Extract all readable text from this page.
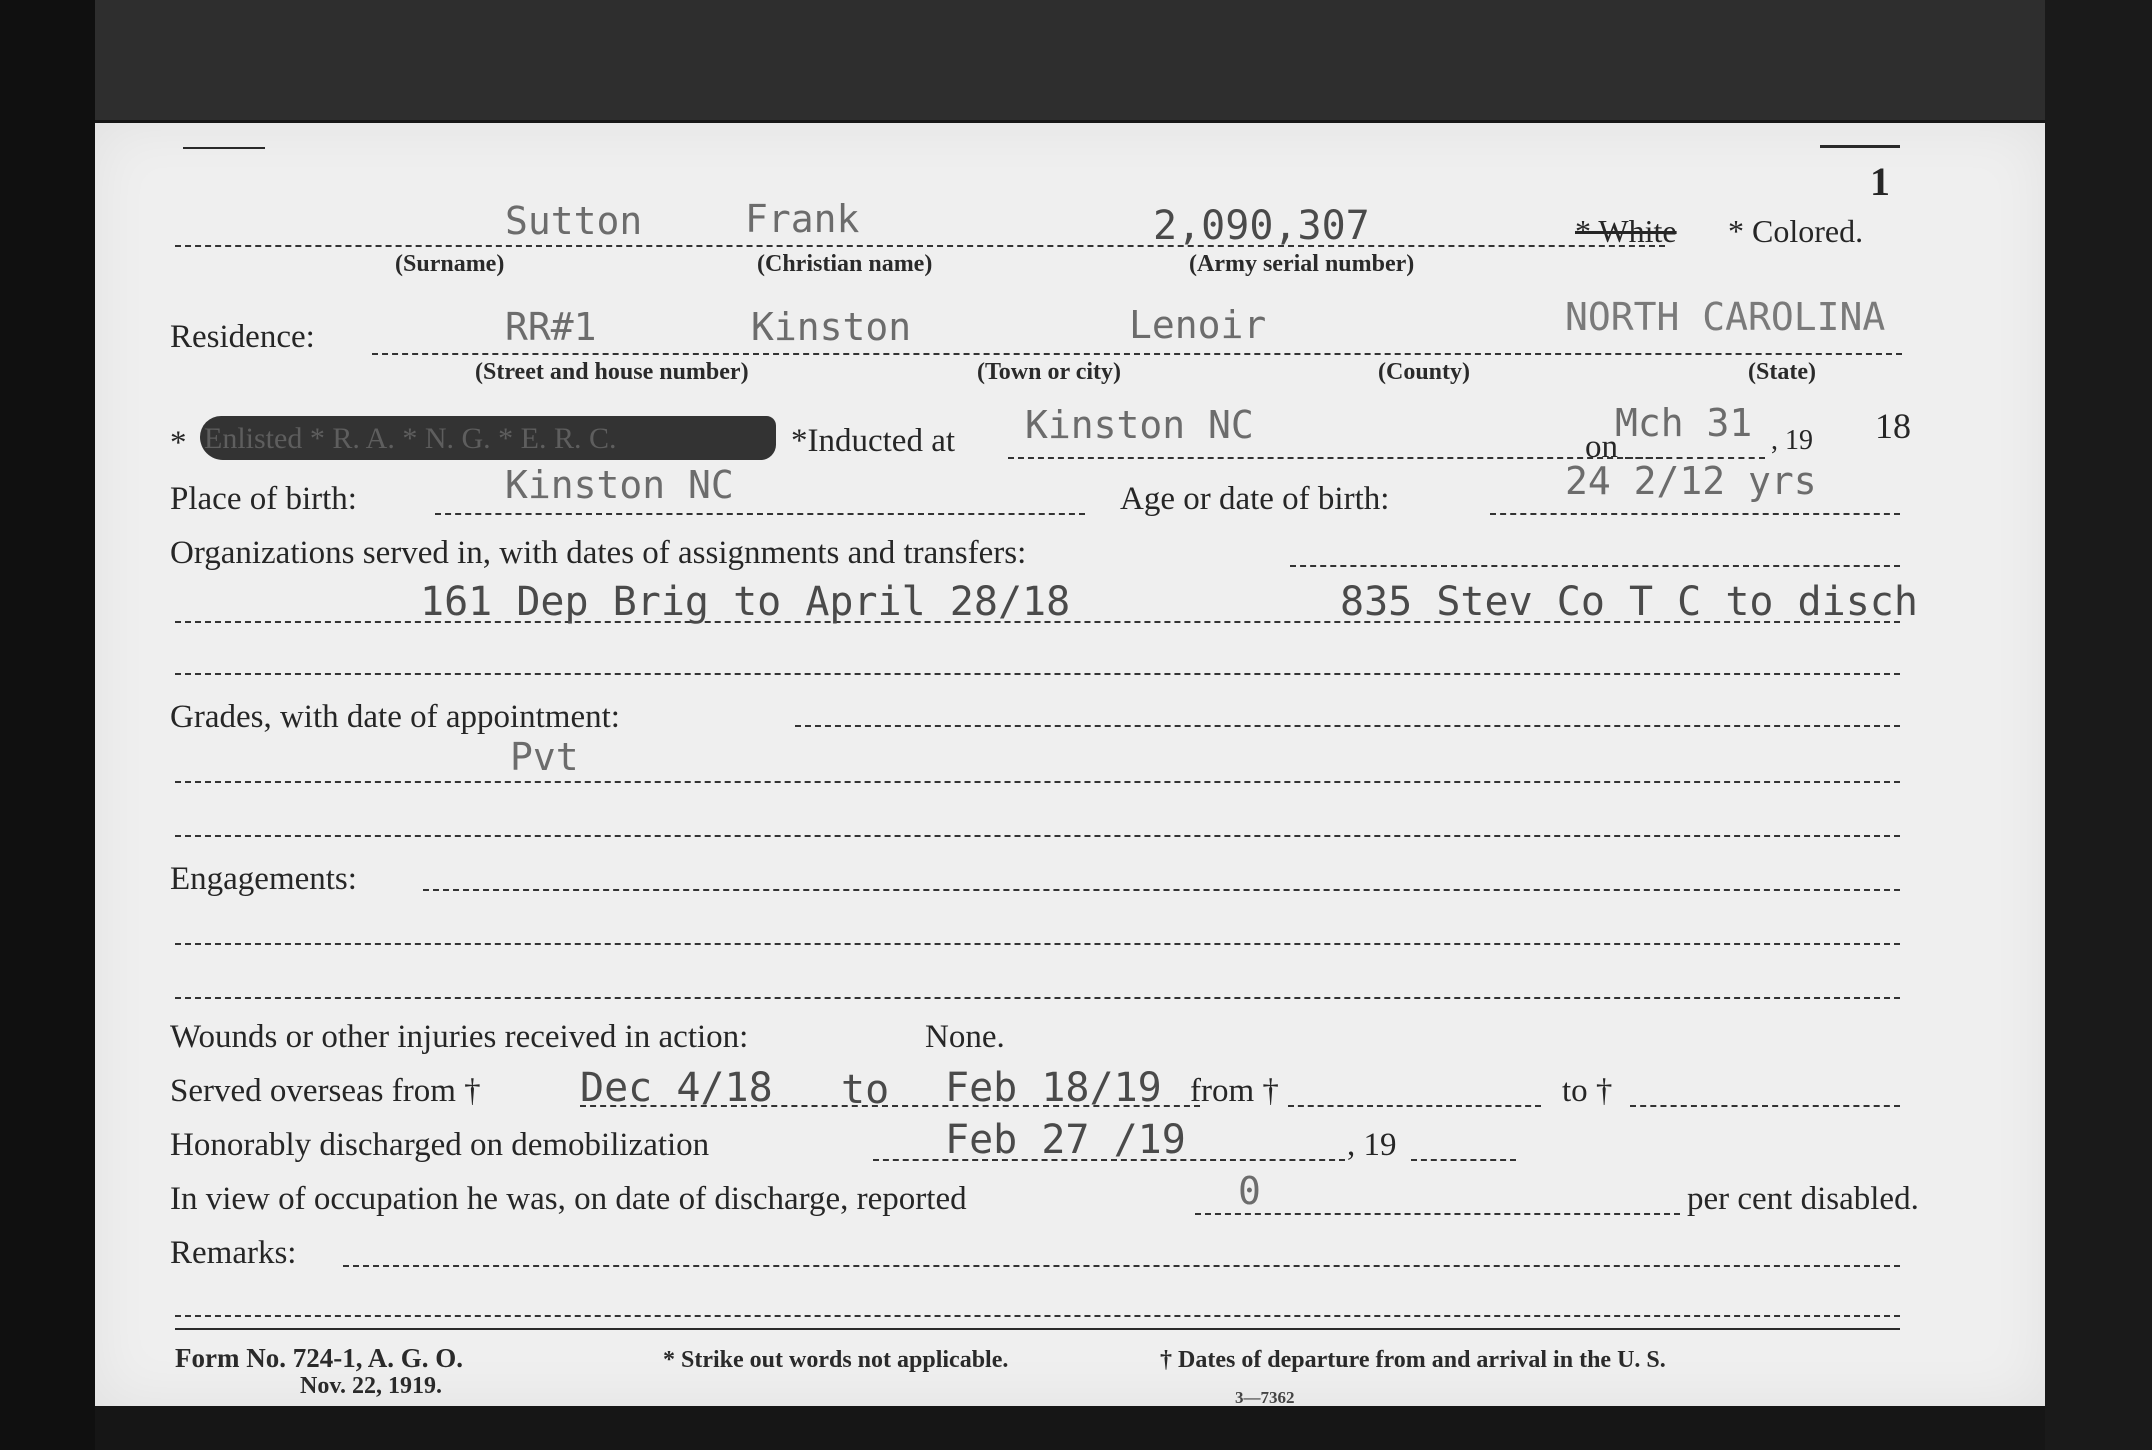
1

Sutton	Frank	2,090,307
(Surname)	(Christian name)	(Army serial number)
* White * Colored.
Residence:	RR#1	Kinston	Lenoir	NORTH CAROLINA
(Street and house number)	(Town or city)	(County)	(State)
* Enlisted * R. A. * N. G. * E. R. C.	*Inducted at Kinston NC	on
Mch 31 , 19 18
Place of birth:	Kinston NC	Age or date of birth:	24 2/12 yrs
Organizations served in, with dates of assignments and transfers:
161 Dep Brig to April 28/18	835 Stev Co T C to disch
Grades, with date of appointment:
Pvt
Engagements:
Wounds or other injuries received in action:	None.
Served overseas from † Dec 4/18 to Feb 18/19 from †	to †
Honorably discharged on demobilization	Feb 27 /19	, 19
In view of occupation he was, on date of discharge, reported	0	per cent disabled.
Remarks:
Form No. 724-1, A. G. O.
Nov. 22, 1919.
* Strike out words not applicable.	† Dates of departure from and arrival in the U. S.
3—7362
